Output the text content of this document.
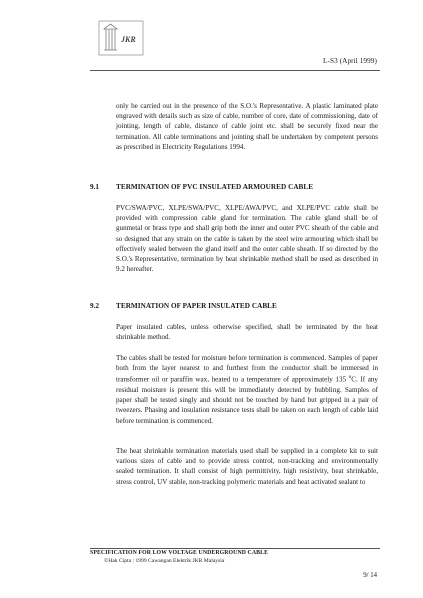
JKR
L-S3 (April 1999)

only be carried out in the presence of the S.O.'s Representative. A plastic laminated plate engraved with details such as size of cable, number of core, date of commissioning, date of jointing, length of cable, distance of cable joint etc. shall be securely fixed near the termination. All cable terminations and jointing shall be undertaken by competent persons as prescribed in Electricity Regulations 1994.

9.1 TERMINATION OF PVC INSULATED ARMOURED CABLE

PVC/SWA/PVC, XLPE/SWA/PVC, XLPE/AWA/PVC, and XLPE/PVC cable shall be provided with compression cable gland for termination. The cable gland shall be of gunmetal or brass type and shall grip both the inner and outer PVC sheath of the cable and so designed that any strain on the cable is taken by the steel wire armouring which shall be effectively sealed between the gland itself and the outer cable sheath. If so directed by the S.O.'s Representative, termination by heat shrinkable method shall be used as described in 9.2 hereafter.

9.2 TERMINATION OF PAPER INSULATED CABLE

Paper insulated cables, unless otherwise specified, shall be terminated by the heat shrinkable method.

The cables shall be tested for moisture before termination is commenced. Samples of paper both from the layer nearest to and furthest from the conductor shall be immersed in transformer oil or paraffin wax, heated to a temperature of approximately 135 $^o$C. If any residual moisture is present this will be immediately detected by bubbling. Samples of paper shall be tested singly and should not be touched by hand but gripped in a pair of tweezers. Phasing and insulation resistance tests shall be taken on each length of cable laid before termination is commenced.

The heat shrinkable termination materials used shall be supplied in a complete kit to suit various sizes of cable and to provide stress control, non-tracking and environmentally sealed termination. It shall consist of high permittivity, high resistivity, heat shrinkable, stress control, UV stable, non-tracking polymeric materials and heat activated sealant to

SPECIFICATION FOR LOW VOLTAGE UNDERGROUND CABLE
©Hak Cipta : 1999 Cawangan Elektrik JKR Malaysia
9/ 14
